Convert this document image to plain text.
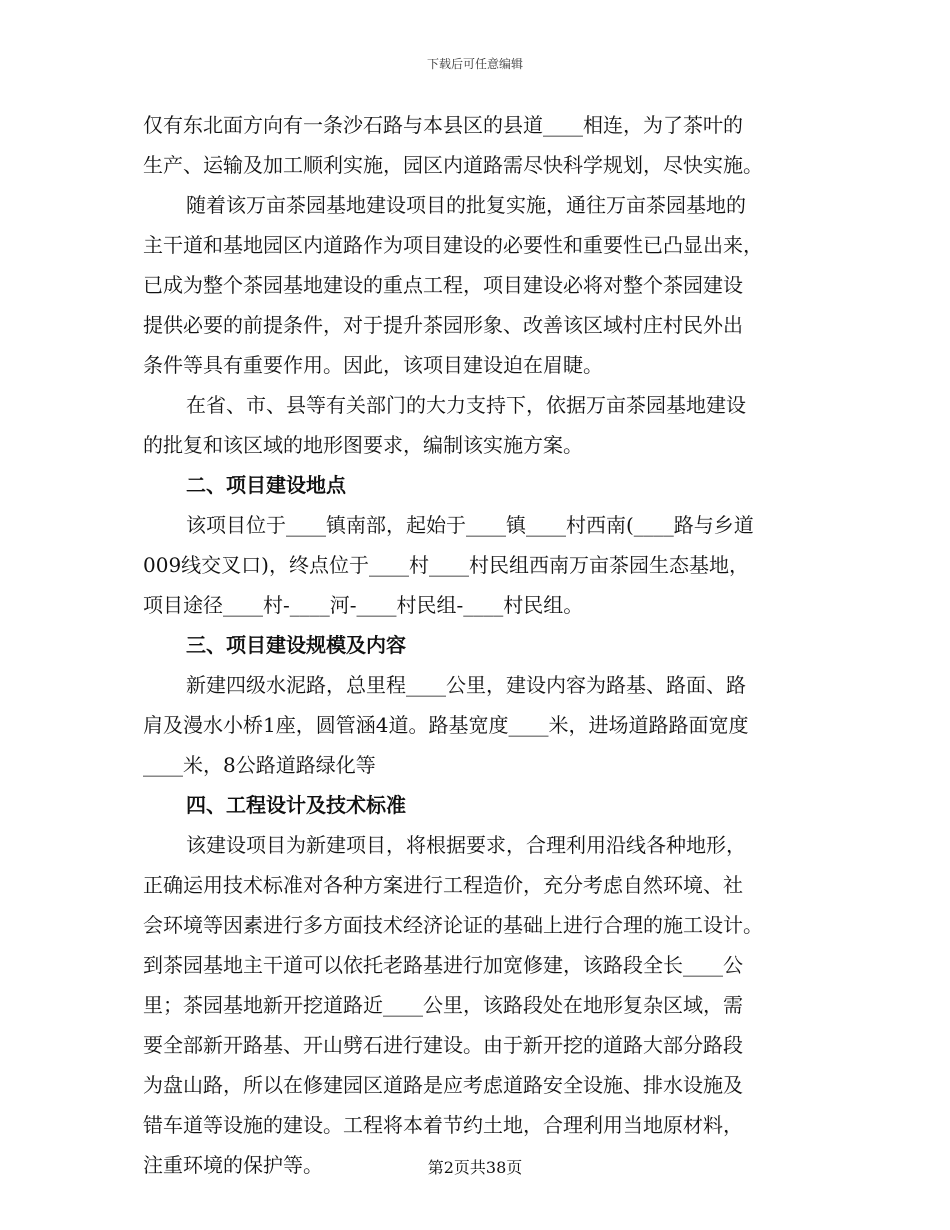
下载后可任意编辑
仅有东北面方向有一条沙石路与本县区的县道____相连，为了茶叶的
生产、运输及加工顺利实施，园区内道路需尽快科学规划，尽快实施。
随着该万亩茶园基地建设项目的批复实施，通往万亩茶园基地的
主干道和基地园区内道路作为项目建设的必要性和重要性已凸显出来，
已成为整个茶园基地建设的重点工程，项目建设必将对整个茶园建设
提供必要的前提条件，对于提升茶园形象、改善该区域村庄村民外出
条件等具有重要作用。因此，该项目建设迫在眉睫。
在省、市、县等有关部门的大力支持下，依据万亩茶园基地建设
的批复和该区域的地形图要求，编制该实施方案。
二、项目建设地点
该项目位于____镇南部，起始于____镇____村西南(____路与乡道
009线交叉口)，终点位于____村____村民组西南万亩茶园生态基地，
项目途径____村-____河-____村民组-____村民组。
三、项目建设规模及内容
新建四级水泥路，总里程____公里，建设内容为路基、路面、路
肩及漫水小桥1座，圆管涵4道。路基宽度____米，进场道路路面宽度
____米，8公路道路绿化等
四、工程设计及技术标准
该建设项目为新建项目，将根据要求，合理利用沿线各种地形，
正确运用技术标准对各种方案进行工程造价，充分考虑自然环境、社
会环境等因素进行多方面技术经济论证的基础上进行合理的施工设计。
到茶园基地主干道可以依托老路基进行加宽修建，该路段全长____公
里；茶园基地新开挖道路近____公里，该路段处在地形复杂区域，需
要全部新开路基、开山劈石进行建设。由于新开挖的道路大部分路段
为盘山路，所以在修建园区道路是应考虑道路安全设施、排水设施及
错车道等设施的建设。工程将本着节约土地，合理利用当地原材料，
注重环境的保护等。	第2页共38页
